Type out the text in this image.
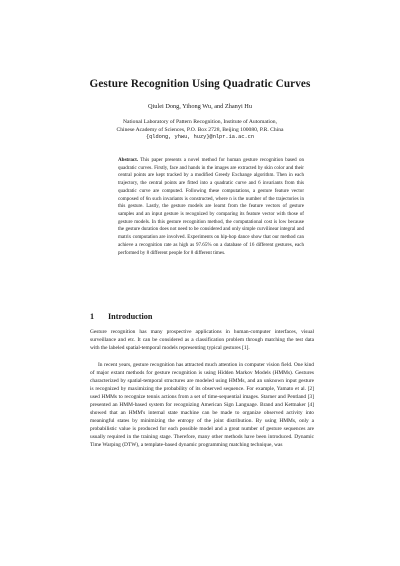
Gesture Recognition Using Quadratic Curves
Qiulei Dong, Yihong Wu, and Zhanyi Hu
National Laboratory of Pattern Recognition, Institute of Automation,
Chinese Academy of Sciences, P.O. Box 2728, Beijing 100080, P.R. China
{qldong, yhwu, huzy}@nlpr.ia.ac.cn
Abstract. This paper presents a novel method for human gesture recognition based on quadratic curves. Firstly, face and hands in the images are extracted by skin color and their central points are kept tracked by a modified Greedy Exchange algorithm. Then in each trajectory, the central points are fitted into a quadratic curve and 6 invariants from this quadratic curve are computed. Following these computations, a gesture feature vector composed of 6n such invariants is constructed, where n is the number of the trajectories in this gesture. Lastly, the gesture models are learnt from the feature vectors of gesture samples and an input gesture is recognized by comparing its feature vector with those of gesture models. In this gesture recognition method, the computational cost is low because the gesture duration does not need to be considered and only simple curvilinear integral and matrix computation are involved. Experiments on hip-hop dance show that our method can achieve a recognition rate as high as 97.65% on a database of 16 different gestures, each performed by 8 different people for 8 different times.
1 Introduction
Gesture recognition has many prospective applications in human-computer interfaces, visual surveillance and etc. It can be considered as a classification problem through matching the test data with the labeled spatial-temporal models representing typical gestures [1].
In recent years, gesture recognition has attracted much attention in computer vision field. One kind of major extant methods for gesture recognition is using Hidden Markov Models (HMMs). Gestures characterized by spatial-temporal structures are modeled using HMMs, and an unknown input gesture is recognized by maximizing the probability of its observed sequence. For example, Yamato et al. [2] used HMMs to recognize tennis actions from a set of time-sequential images. Starner and Pentland [3] presented an HMM-based system for recognizing American Sign Language. Brand and Kettnaker [4] showed that an HMM's internal state machine can be made to organize observed activity into meaningful states by minimizing the entropy of the joint distribution. By using HMMs, only a probabilistic value is produced for each possible model and a great number of gesture sequences are usually required in the training stage. Therefore, many other methods have been introduced. Dynamic Time Warping (DTW), a template-based dynamic programming matching technique, was
